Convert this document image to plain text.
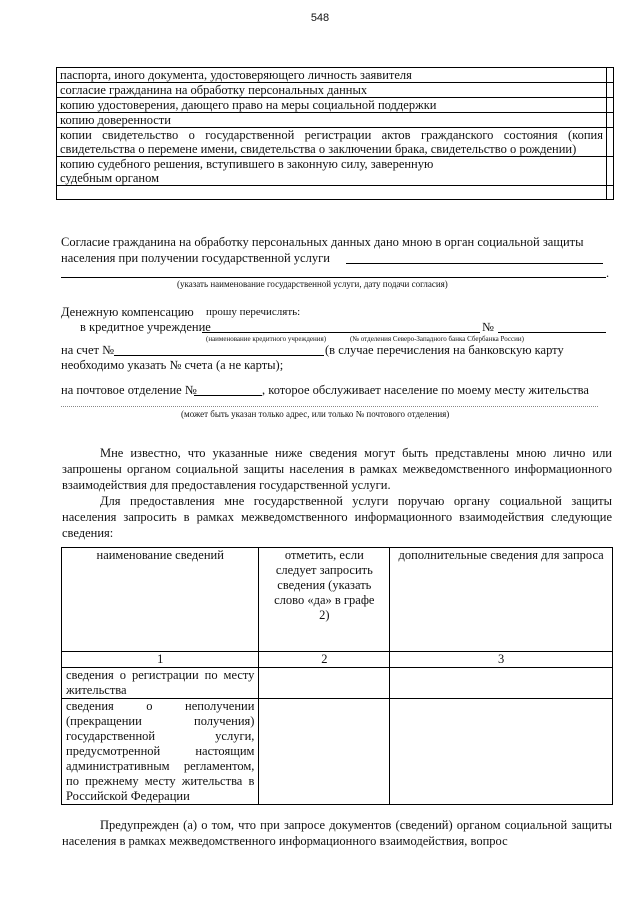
548
паспорта, иного документа, удостоверяющего личность заявителя	
согласие гражданина на обработку персональных данных	
копию удостоверения, дающего право на меры социальной поддержки	
копию доверенности	
копии свидетельство о государственной регистрации актов гражданского состояния (копия свидетельства о перемене имени, свидетельства о заключении брака, свидетельство о рождении)	
копию судебного решения, вступившего в законную силу, заверенную судебным органом	

Согласие гражданина на обработку персональных данных дано мною в орган социальной защиты
населения при получении государственной услуги
.
(указать наименование государственной услуги, дату подачи согласия)
Денежную компенсацию прошу перечислять:
в кредитное учреждение	№
(наименование кредитного учреждения)	(№ отделения Северо-Западного банка Сбербанка России)
на счет №	(в случае перечисления на банковскую карту
необходимо указать № счета (а не карты);
на почтовое отделение №	, которое обслуживает население по моему месту жительства
(может быть указан только адрес, или только № почтового отделения)
Мне известно, что указанные ниже сведения могут быть представлены мною лично или запрошены органом социальной защиты населения в рамках межведомственного информационного взаимодействия для предоставления государственной услуги.
Для предоставления мне государственной услуги поручаю органу социальной защиты населения запросить в рамках межведомственного информационного взаимодействия следующие сведения:
наименование сведений	отметить, если следует запросить сведения (указать слово «да» в графе 2)	дополнительные сведения для запроса
1	2	3
сведения о регистрации по месту жительства		
сведения о неполучении (прекращении получения) государственной услуги, предусмотренной настоящим административным регламентом, по прежнему месту жительства в Российской Федерации		
Предупрежден (а) о том, что при запросе документов (сведений) органом социальной защиты населения в рамках межведомственного информационного взаимодействия, вопрос
